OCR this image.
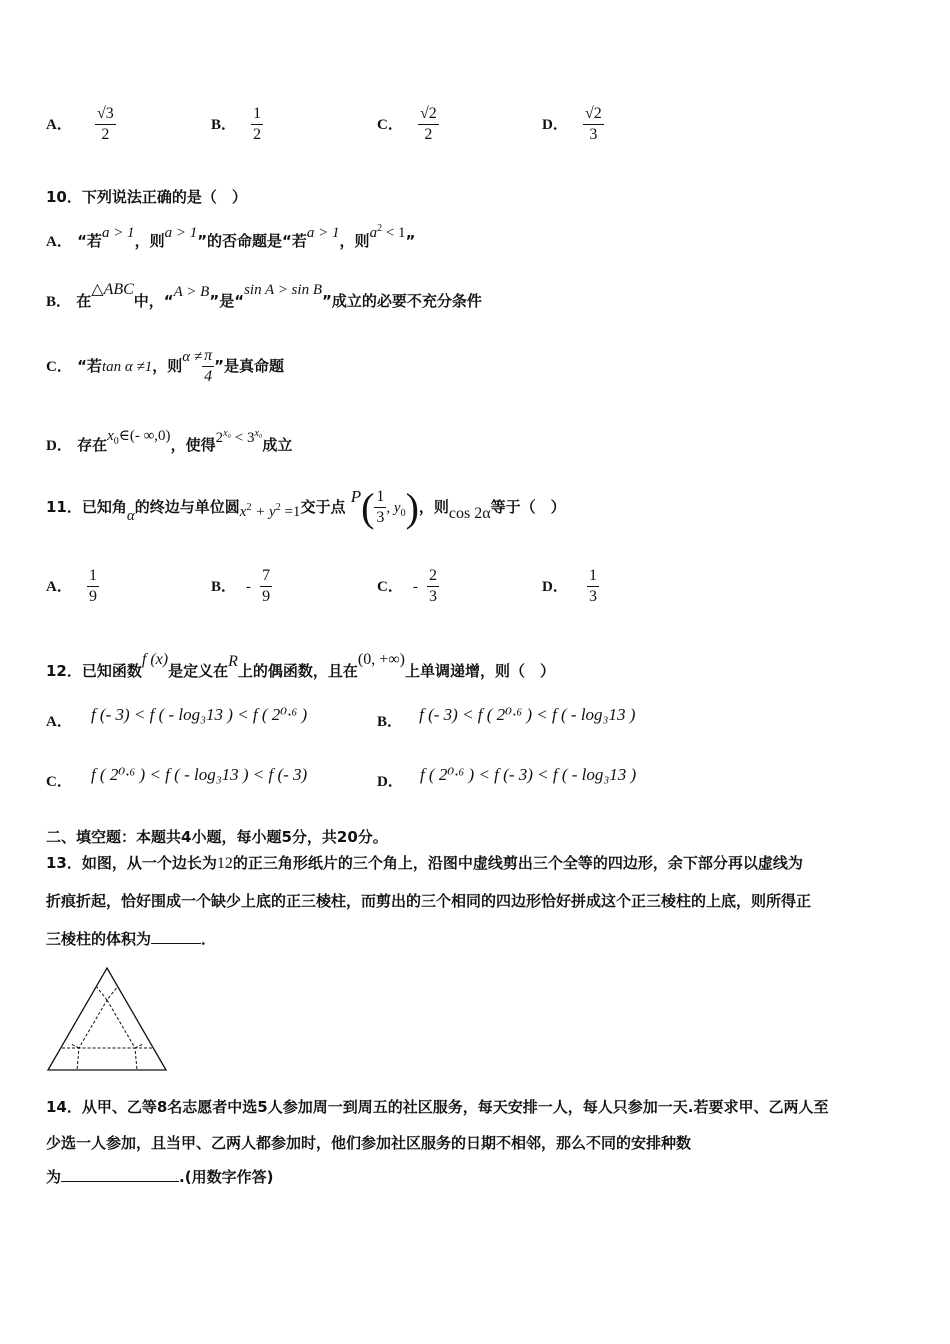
A． $\frac{√3}{2}$	B． $\frac{1}{2}$	C． $\frac{√2}{2}$	D． $\frac{√2}{3}$
10．下列说法正确的是（　）
A． “若a > 1，则a > 1”的否命题是“若a > 1，则$a^2 < 1$”
B． 在△ABC中，“A > B”是“sin A > sin B”成立的必要不充分条件
C． “若tan α ≠1，则$\alpha \ne \frac{\pi}{4}$ ”是真命题
D． 存在$x_0\in(-$ ∞,0)，使得$2^{x_0} < 3^{x_0}$成立
11．已知角α的终边与单位圆$x^2 + y^2 =1$交于点 $P( \frac{1}{3}$ , $y_0$)，则cos 2α等于（　）
A． $\frac{1}{9}$	B． - $\frac{7}{9}$	C． - $\frac{2}{3}$	D． $\frac{1}{3}$
12．已知函数f (x)是定义在R上的偶函数，且在(0, +∞)上单调递增，则（　）
A． f (- 3) < f ( - log₃13 ) < f ( 2⁰·⁶ )	B． f (- 3) < f ( 2⁰·⁶ ) < f ( - log₃13 )
C． f ( 2⁰·⁶ ) < f ( - log₃13 ) < f (- 3)	D． f ( 2⁰·⁶ ) < f (- 3) < f ( - log₃13 )
二、填空题：本题共4小题，每小题5分，共20分。
13．如图，从一个边长为12的正三角形纸片的三个角上，沿图中虚线剪出三个全等的四边形，余下部分再以虚线为
折痕折起，恰好围成一个缺少上底的正三棱柱，而剪出的三个相同的四边形恰好拼成这个正三棱柱的上底，则所得正
三棱柱的体积为	．
14．从甲、乙等8名志愿者中选5人参加周一到周五的社区服务，每天安排一人，每人只参加一天.若要求甲、乙两人至
少选一人参加，且当甲、乙两人都参加时，他们参加社区服务的日期不相邻，那么不同的安排种数
为	.(用数字作答)
